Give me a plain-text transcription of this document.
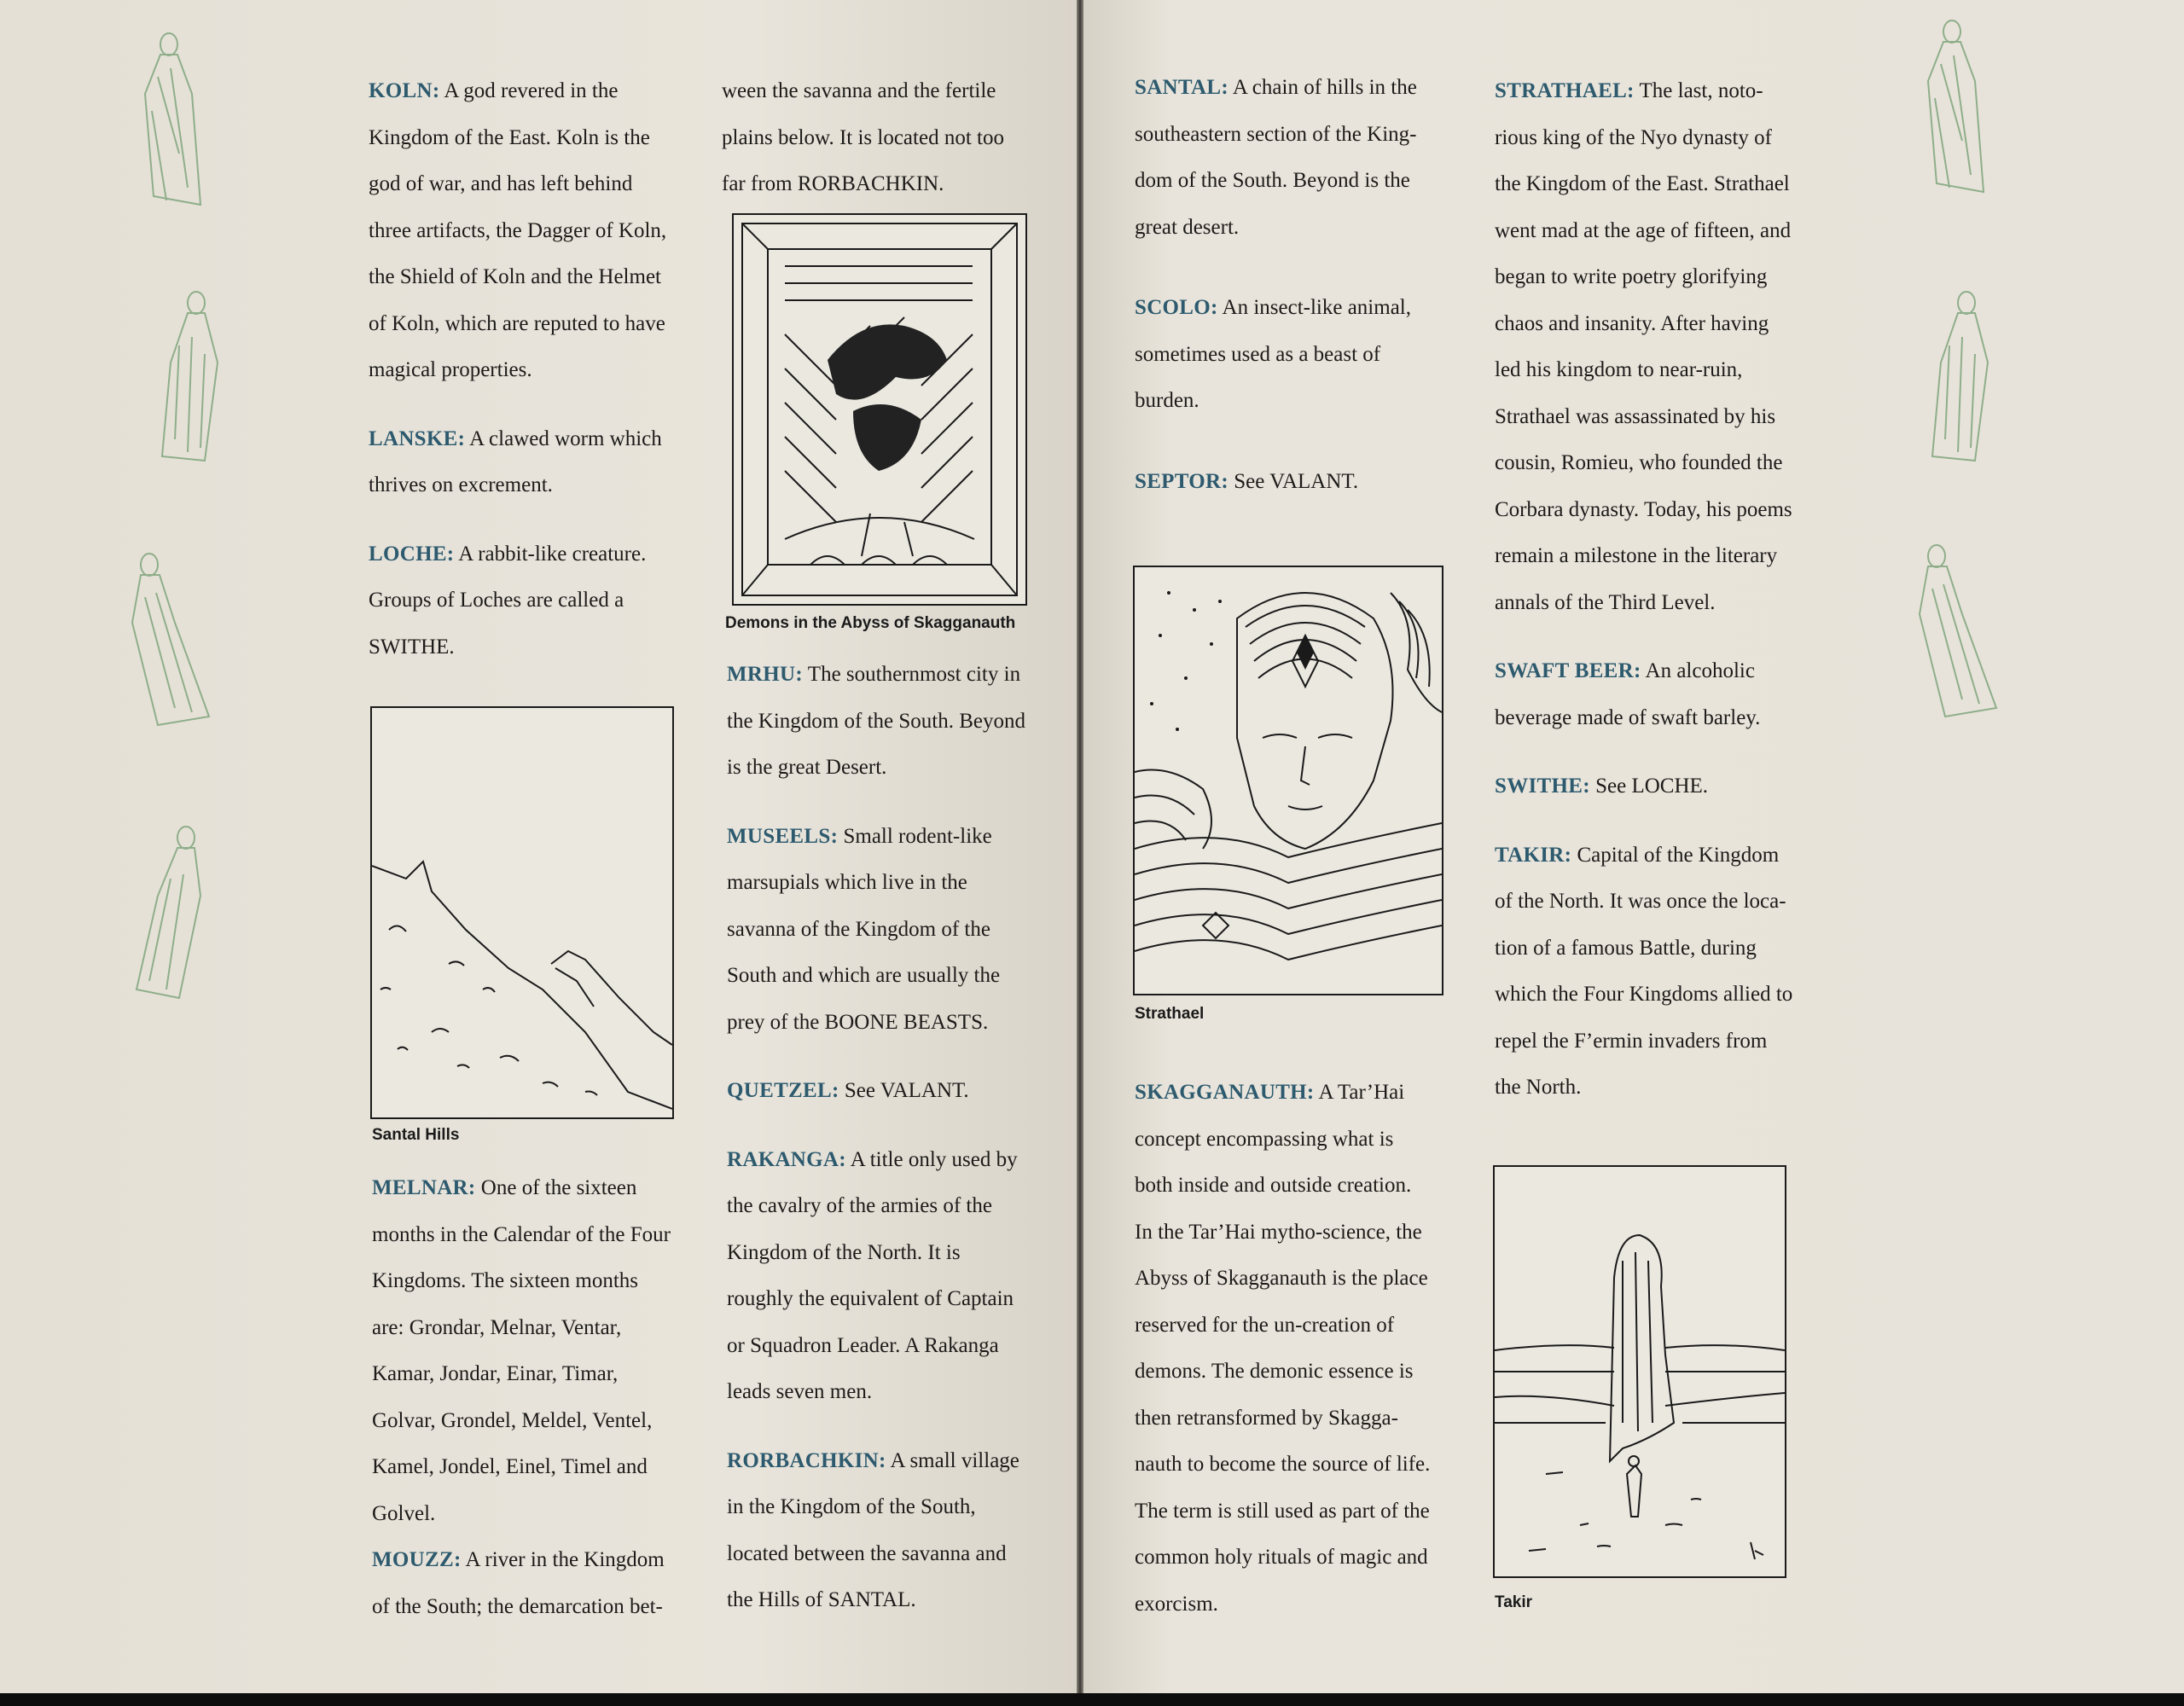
KOLN: A god revered in the
Kingdom of the East. Koln is the
god of war, and has left behind
three artifacts, the Dagger of Koln,
the Shield of Koln and the Helmet
of Koln, which are reputed to have
magical properties.
LANSKE: A clawed worm which
thrives on excrement.
LOCHE: A rabbit-like creature.
Groups of Loches are called a
SWITHE.
Santal Hills
MELNAR: One of the sixteen
months in the Calendar of the Four
Kingdoms. The sixteen months
are: Grondar, Melnar, Ventar,
Kamar, Jondar, Einar, Timar,
Golvar, Grondel, Meldel, Ventel,
Kamel, Jondel, Einel, Timel and
Golvel.
MOUZZ: A river in the Kingdom
of the South; the demarcation bet-
ween the savanna and the fertile
plains below. It is located not too
far from RORBACHKIN.
Demons in the Abyss of Skagganauth
MRHU: The southernmost city in
the Kingdom of the South. Beyond
is the great Desert.
MUSEELS: Small rodent-like
marsupials which live in the
savanna of the Kingdom of the
South and which are usually the
prey of the BOONE BEASTS.
QUETZEL: See VALANT.
RAKANGA: A title only used by
the cavalry of the armies of the
Kingdom of the North. It is
roughly the equivalent of Captain
or Squadron Leader. A Rakanga
leads seven men.
RORBACHKIN: A small village
in the Kingdom of the South,
located between the savanna and
the Hills of SANTAL.
SANTAL: A chain of hills in the
southeastern section of the King-
dom of the South. Beyond is the
great desert.
SCOLO: An insect-like animal,
sometimes used as a beast of
burden.
SEPTOR: See VALANT.
Strathael
SKAGGANAUTH: A Tar’Hai
concept encompassing what is
both inside and outside creation.
In the Tar’Hai mytho-science, the
Abyss of Skagganauth is the place
reserved for the un-creation of
demons. The demonic essence is
then retransformed by Skagga-
nauth to become the source of life.
The term is still used as part of the
common holy rituals of magic and
exorcism.
STRATHAEL: The last, noto-
rious king of the Nyo dynasty of
the Kingdom of the East. Strathael
went mad at the age of fifteen, and
began to write poetry glorifying
chaos and insanity. After having
led his kingdom to near-ruin,
Strathael was assassinated by his
cousin, Romieu, who founded the
Corbara dynasty. Today, his poems
remain a milestone in the literary
annals of the Third Level.
SWAFT BEER: An alcoholic
beverage made of swaft barley.
SWITHE: See LOCHE.
TAKIR: Capital of the Kingdom
of the North. It was once the loca-
tion of a famous Battle, during
which the Four Kingdoms allied to
repel the F’ermin invaders from
the North.
Takir
